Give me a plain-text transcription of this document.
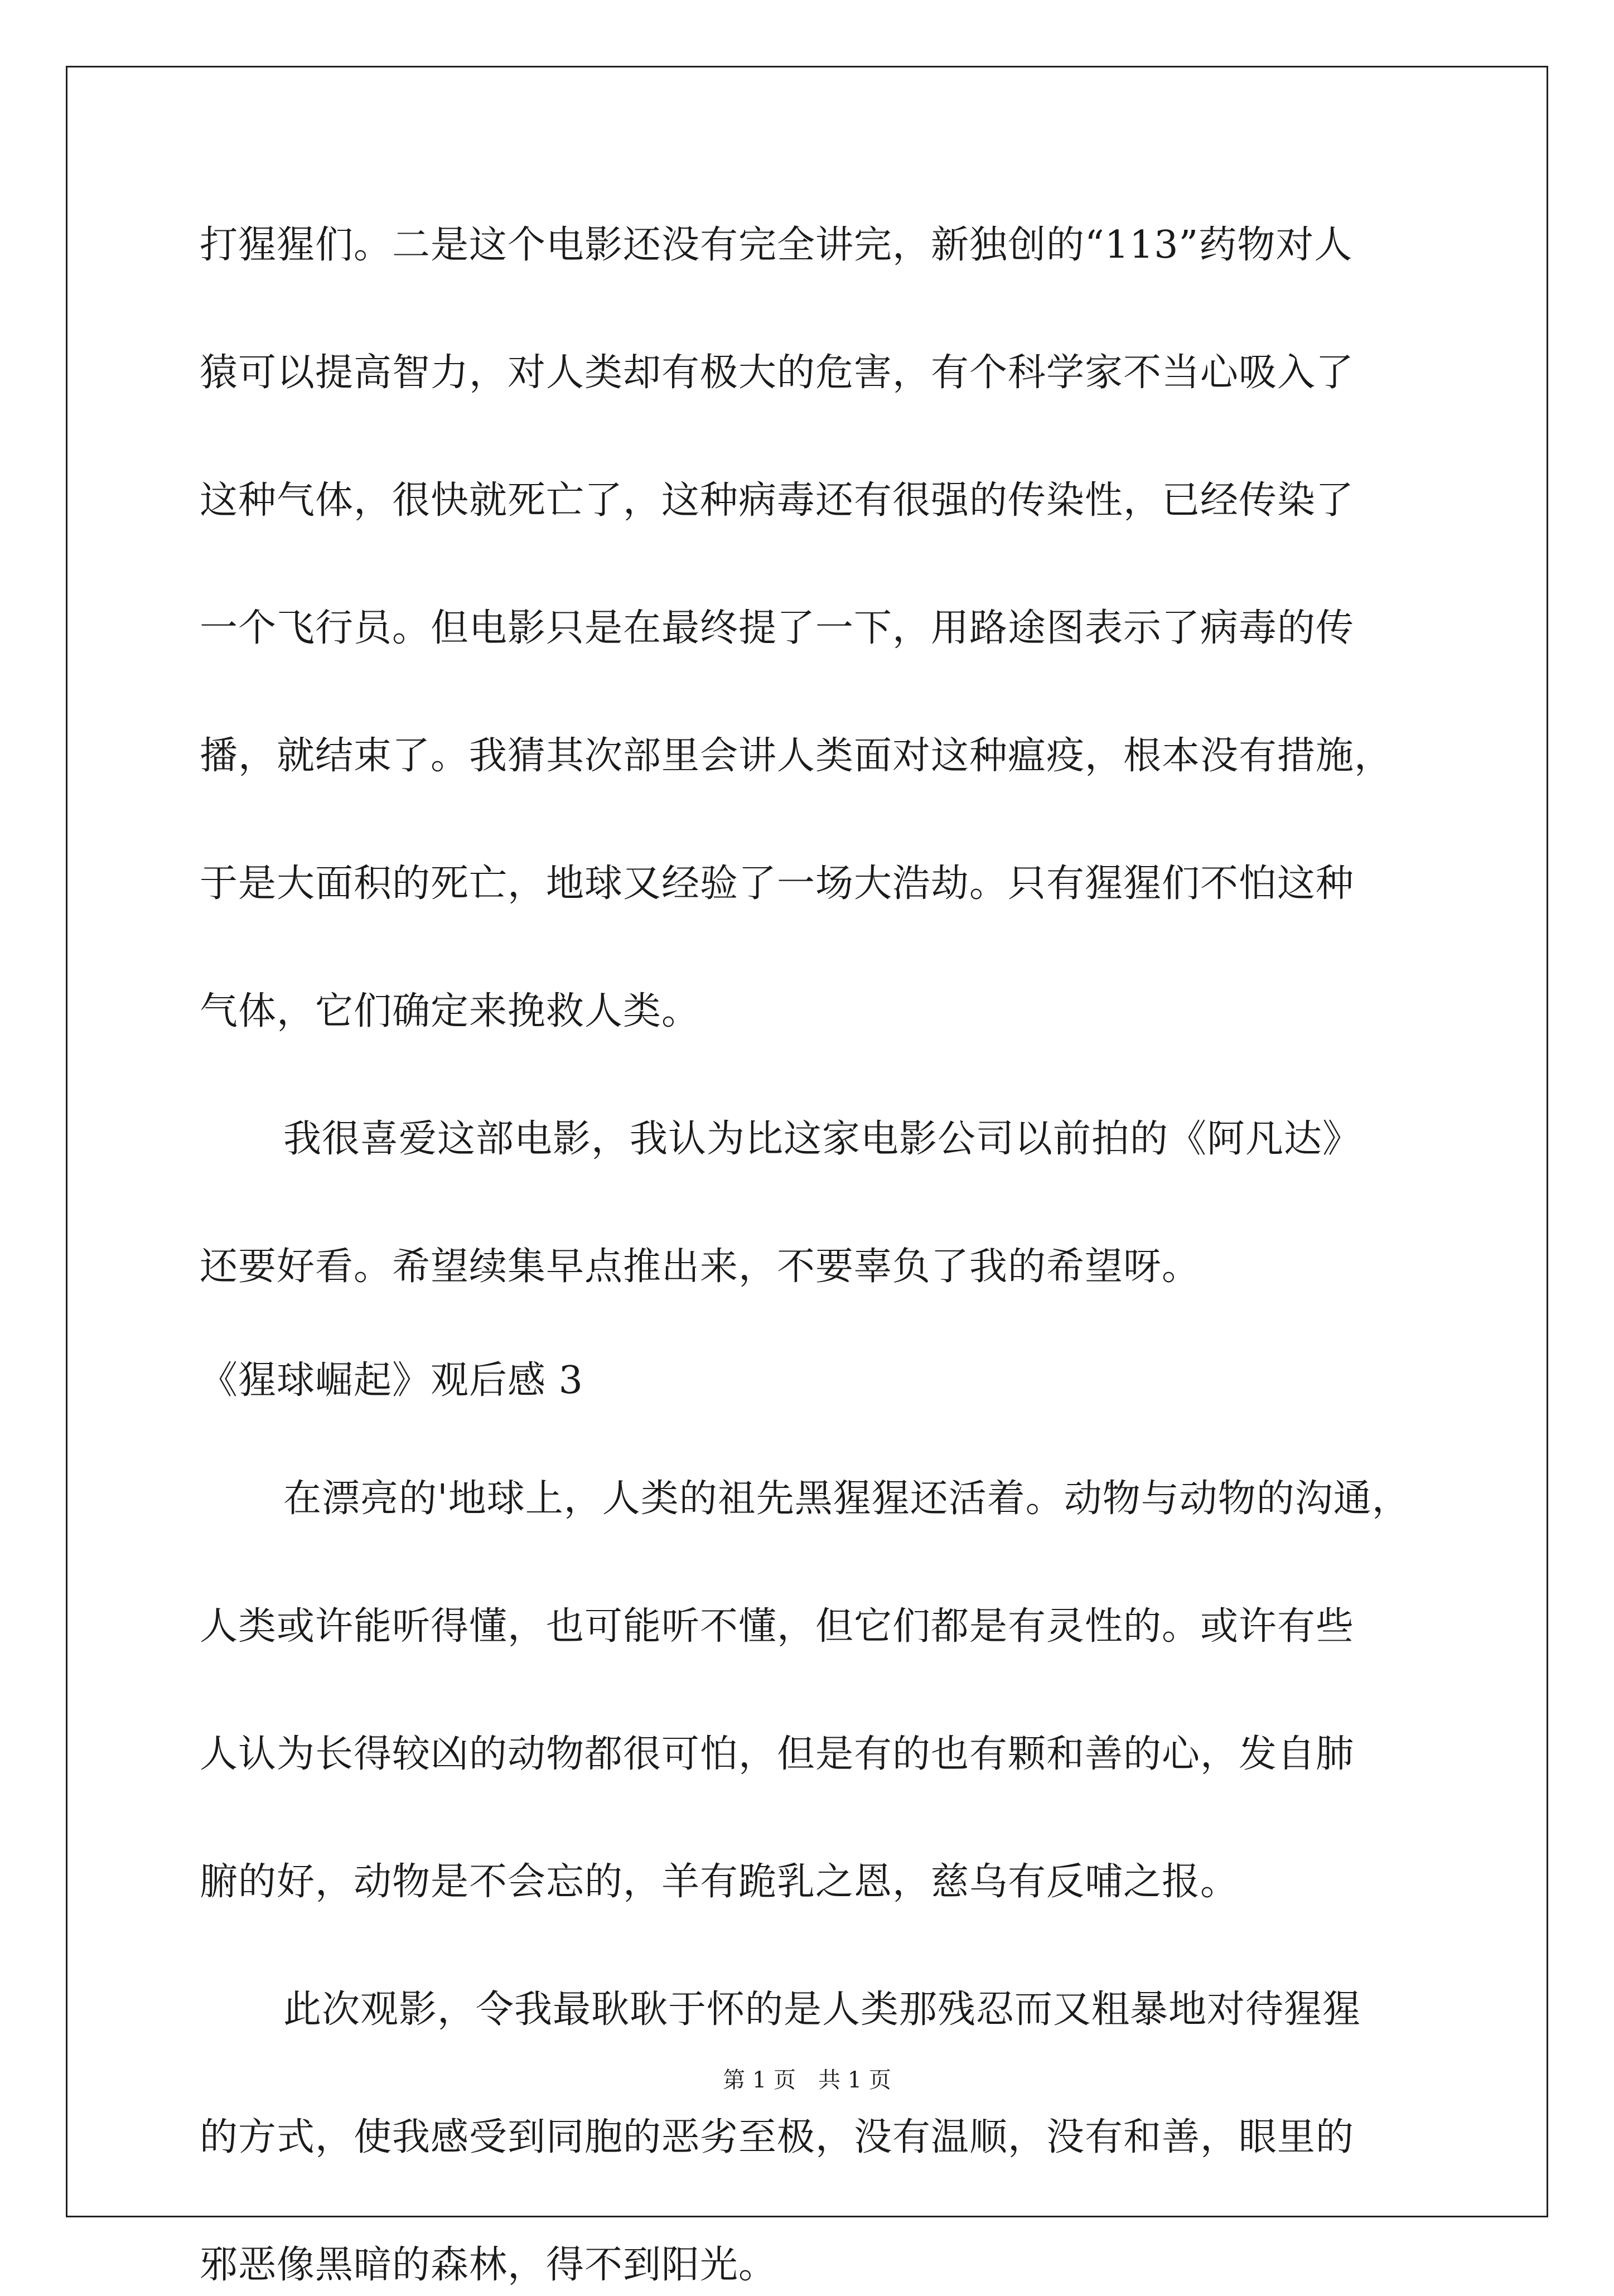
打猩猩们。二是这个电影还没有完全讲完，新独创的“113”药物对人
猿可以提高智力，对人类却有极大的危害，有个科学家不当心吸入了
这种气体，很快就死亡了，这种病毒还有很强的传染性，已经传染了
一个飞行员。但电影只是在最终提了一下，用路途图表示了病毒的传
播，就结束了。我猜其次部里会讲人类面对这种瘟疫，根本没有措施，
于是大面积的死亡，地球又经验了一场大浩劫。只有猩猩们不怕这种
气体，它们确定来挽救人类。
我很喜爱这部电影，我认为比这家电影公司以前拍的《阿凡达》
还要好看。希望续集早点推出来，不要辜负了我的希望呀。
《猩球崛起》观后感 3
在漂亮的'地球上，人类的祖先黑猩猩还活着。动物与动物的沟通，
人类或许能听得懂，也可能听不懂，但它们都是有灵性的。或许有些
人认为长得较凶的动物都很可怕，但是有的也有颗和善的心，发自肺
腑的好，动物是不会忘的，羊有跪乳之恩，慈乌有反哺之报。
此次观影，令我最耿耿于怀的是人类那残忍而又粗暴地对待猩猩
的方式，使我感受到同胞的恶劣至极，没有温顺，没有和善，眼里的
邪恶像黑暗的森林，得不到阳光。
第 1 页　共 1 页
